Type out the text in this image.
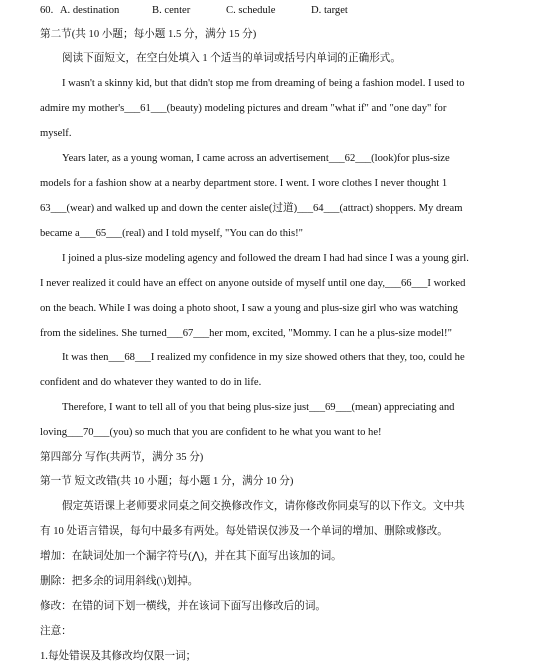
60. A. destination	B. center	C. schedule	D. target
第二节(共 10 小题；每小题 1.5 分，满分 15 分)
阅读下面短文，在空白处填入 1 个适当的单词或括号内单词的正确形式。
I wasn't a skinny kid, but that didn't stop me from dreaming of being a fashion model. I used to
admire my mother's___61___(beauty) modeling pictures and dream "what if" and "one day" for
myself.
Years later, as a young woman, I came across an advertisement___62___(look)for plus-size
models for a fashion show at a nearby department store. I went. I wore clothes I never thought 1
63___(wear) and walked up and down the center aisle(过道)___64___(attract) shoppers. My dream
became a___65___(real) and I told myself, "You can do this!"
I joined a plus-size modeling agency and followed the dream I had had since I was a young girl.
I never realized it could have an effect on anyone outside of myself until one day,___66___I worked
on the beach. While I was doing a photo shoot, I saw a young and plus-size girl who was watching
from the sidelines. She turned___67___her mom, excited, "Mommy. I can he a plus-size model!"
It was then___68___I realized my confidence in my size showed others that they, too, could he
confident and do whatever they wanted to do in life.
Therefore, I want to tell all of you that being plus-size just___69___(mean) appreciating and
loving___70___(you) so much that you are confident to he what you want to he!
第四部分 写作(共两节，满分 35 分)
第一节 短文改错(共 10 小题；每小题 1 分，满分 10 分)
假定英语课上老师要求同桌之间交换修改作文，请你修改你同桌写的以下作文。文中共
有 10 处语言错误，每句中最多有两处。每处错误仅涉及一个单词的增加、删除或修改。
增加：在缺词处加一个漏字符号(⋀)，并在其下面写出该加的词。
删除：把多余的词用斜线(\)划掉。
修改：在错的词下划一横线，并在该词下面写出修改后的词。
注意：
1.每处错误及其修改均仅限一词；
